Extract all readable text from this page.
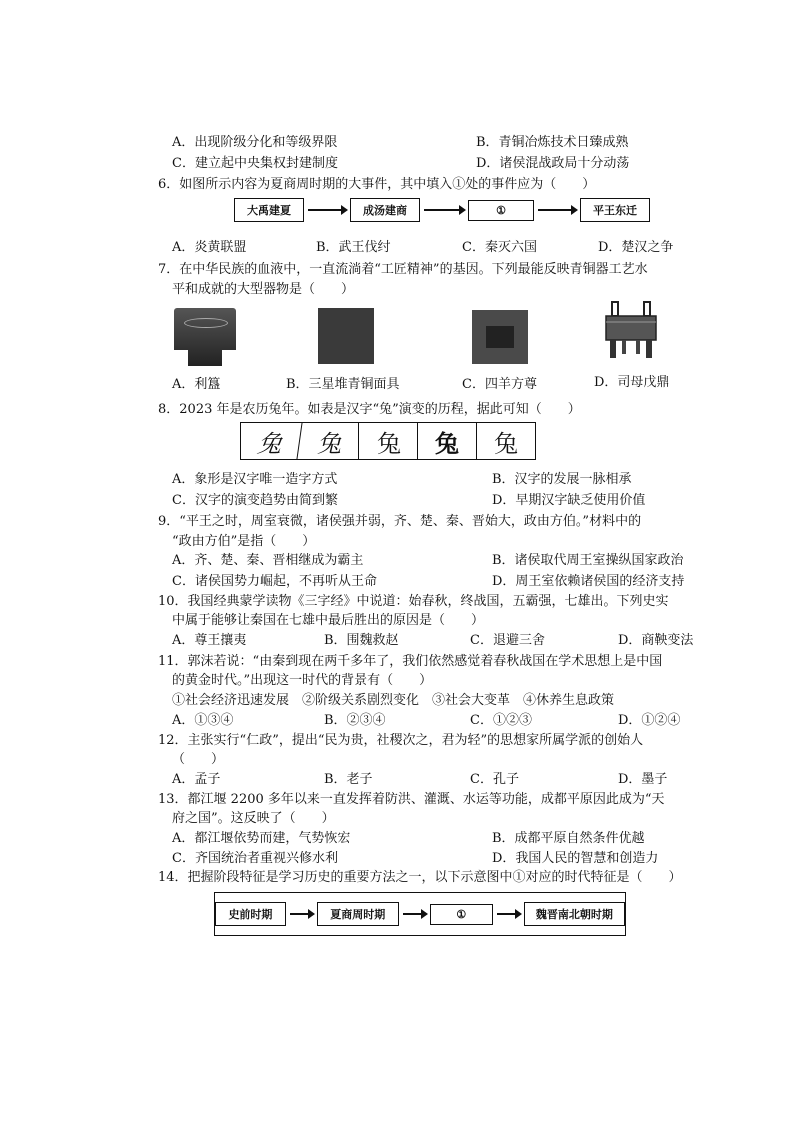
A．出现阶级分化和等级界限	B．青铜冶炼技术日臻成熟
C．建立起中央集权封建制度	D．诸侯混战政局十分动荡
6．如图所示内容为夏商周时期的大事件，其中填入①处的事件应为（　　）
大禹建夏	成汤建商	①	平王东迁
A．炎黄联盟	B．武王伐纣	C．秦灭六国	D．楚汉之争
7．在中华民族的血液中，一直流淌着“工匠精神”的基因。下列最能反映青铜器工艺水
平和成就的大型器物是（　　）
A．利簋	B．三星堆青铜面具	C．四羊方尊	D．司母戊鼎
8．2023 年是农历兔年。如表是汉字“兔”演变的历程，据此可知（　　）
兔	兔	兔	兔	兔
A．象形是汉字唯一造字方式	B．汉字的发展一脉相承
C．汉字的演变趋势由简到繁	D．早期汉字缺乏使用价值
9．“平王之时，周室衰微，诸侯强并弱，齐、楚、秦、晋始大，政由方伯。”材料中的
“政由方伯”是指（　　）
A．齐、楚、秦、晋相继成为霸主	B．诸侯取代周王室操纵国家政治
C．诸侯国势力崛起，不再听从王命	D．周王室依赖诸侯国的经济支持
10．我国经典蒙学读物《三字经》中说道：始春秋，终战国，五霸强，七雄出。下列史实
中属于能够让秦国在七雄中最后胜出的原因是（　　）
A．尊王攘夷	B．围魏救赵	C．退避三舍	D．商鞅变法
11．郭沫若说：“由秦到现在两千多年了，我们依然感觉着春秋战国在学术思想上是中国
的黄金时代。”出现这一时代的背景有（　　）
①社会经济迅速发展　②阶级关系剧烈变化　③社会大变革　④休养生息政策
A．①③④	B．②③④	C．①②③	D．①②④
12．主张实行“仁政”，提出“民为贵，社稷次之，君为轻”的思想家所属学派的创始人
（　　）
A．孟子	B．老子	C．孔子	D．墨子
13．都江堰 2200 多年以来一直发挥着防洪、灌溉、水运等功能，成都平原因此成为“天
府之国”。这反映了（　　）
A．都江堰依势而建，气势恢宏	B．成都平原自然条件优越
C．齐国统治者重视兴修水利	D．我国人民的智慧和创造力
14．把握阶段特征是学习历史的重要方法之一，以下示意图中①对应的时代特征是（　　）
史前时期	夏商周时期	①	魏晋南北朝时期
